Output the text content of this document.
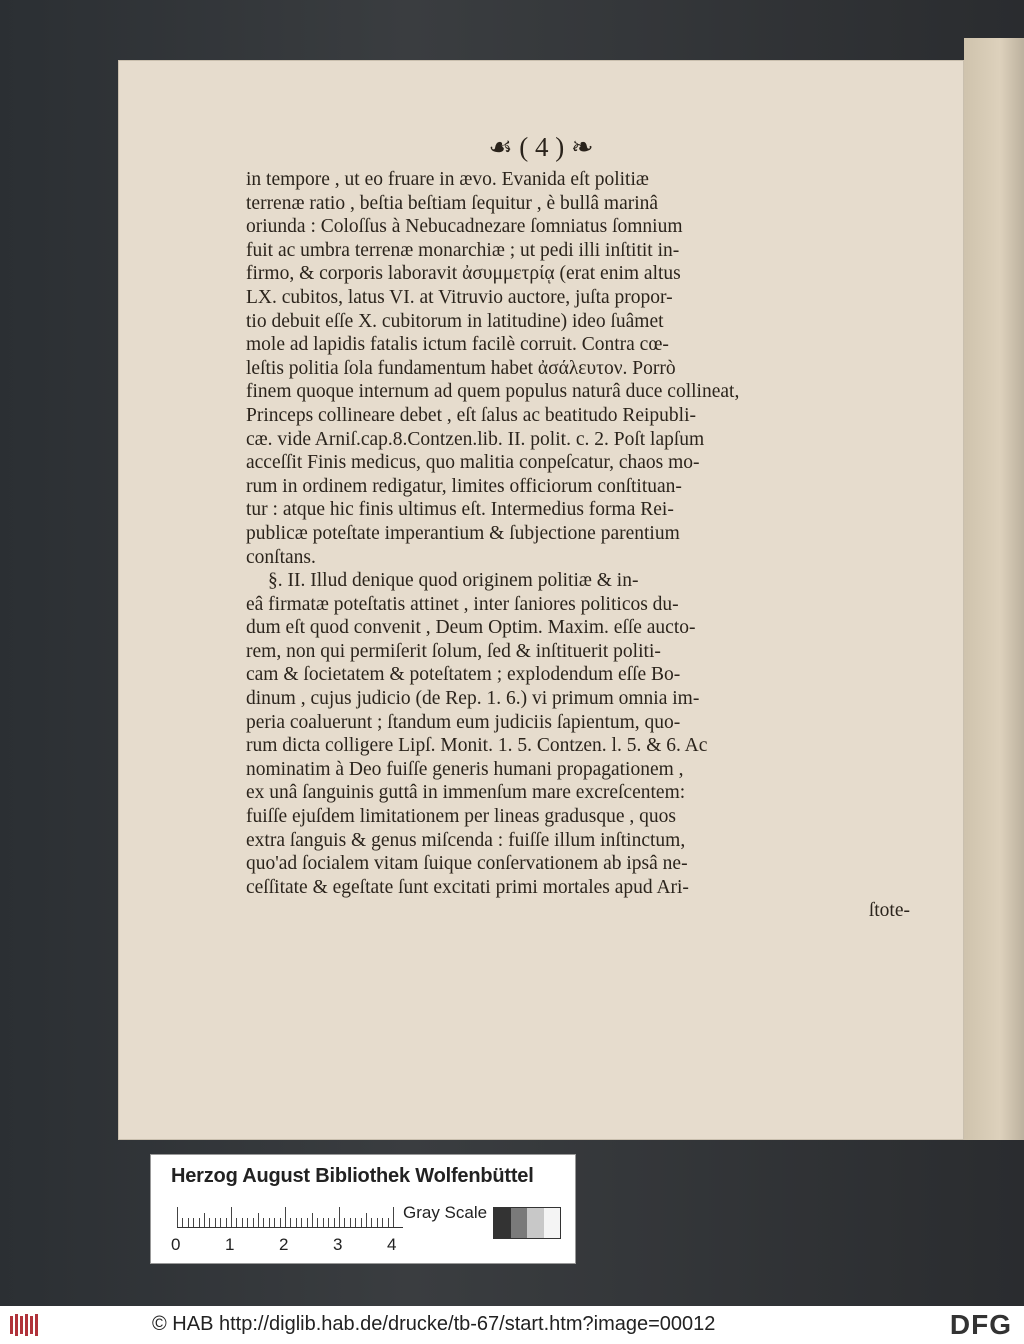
☙ ( 4 ) ❧
in tempore , ut eo fruare in ævo. Evanida eſt politiæ
terrenæ ratio , beſtia beſtiam ſequitur , è bullâ marinâ
oriunda : Coloſſus à Nebucadnezare ſomniatus ſomnium
fuit ac umbra terrenæ monarchiæ ; ut pedi illi inſtitit in-
firmo, & corporis laboravit ἀσυμμετρίᾳ (erat enim altus
LX. cubitos, latus VI. at Vitruvio auctore, juſta propor-
tio debuit eſſe X. cubitorum in latitudine) ideo ſuâmet
mole ad lapidis fatalis ictum facilè corruit. Contra cœ-
leſtis politia ſola fundamentum habet ἀσάλευτον. Porrò
finem quoque internum ad quem populus naturâ duce collineat,
Princeps collineare debet , eſt ſalus ac beatitudo Reipubli-
cæ. vide Arniſ.cap.8.Contzen.lib. II. polit. c. 2. Poſt lapſum
acceſſit Finis medicus, quo malitia conpeſcatur, chaos mo-
rum in ordinem redigatur, limites officiorum conſtituan-
tur : atque hic finis ultimus eſt. Intermedius forma Rei-
publicæ poteſtate imperantium & ſubjectione parentium
conſtans.
§. II. Illud denique quod originem politiæ & in-
eâ firmatæ poteſtatis attinet , inter ſaniores politicos du-
dum eſt quod convenit , Deum Optim. Maxim. eſſe aucto-
rem, non qui permiſerit ſolum, ſed & inſtituerit politi-
cam & ſocietatem & poteſtatem ; explodendum eſſe Bo-
dinum , cujus judicio (de Rep. 1. 6.) vi primum omnia im-
peria coaluerunt ; ſtandum eum judiciis ſapientum, quo-
rum dicta colligere Lipſ. Monit. 1. 5. Contzen. l. 5. & 6. Ac
nominatim à Deo fuiſſe generis humani propagationem ,
ex unâ ſanguinis guttâ in immenſum mare excreſcentem:
fuiſſe ejuſdem limitationem per lineas gradusque , quos
extra ſanguis & genus miſcenda : fuiſſe illum inſtinctum,
quo'ad ſocialem vitam ſuique conſervationem ab ipsâ ne-
ceſſitate & egeſtate ſunt excitati primi mortales apud Ari-
ſtote-
Herzog August Bibliothek Wolfenbüttel
0	1	2	3	4
Gray Scale
© HAB http://diglib.hab.de/drucke/tb-67/start.htm?image=00012	DFG
